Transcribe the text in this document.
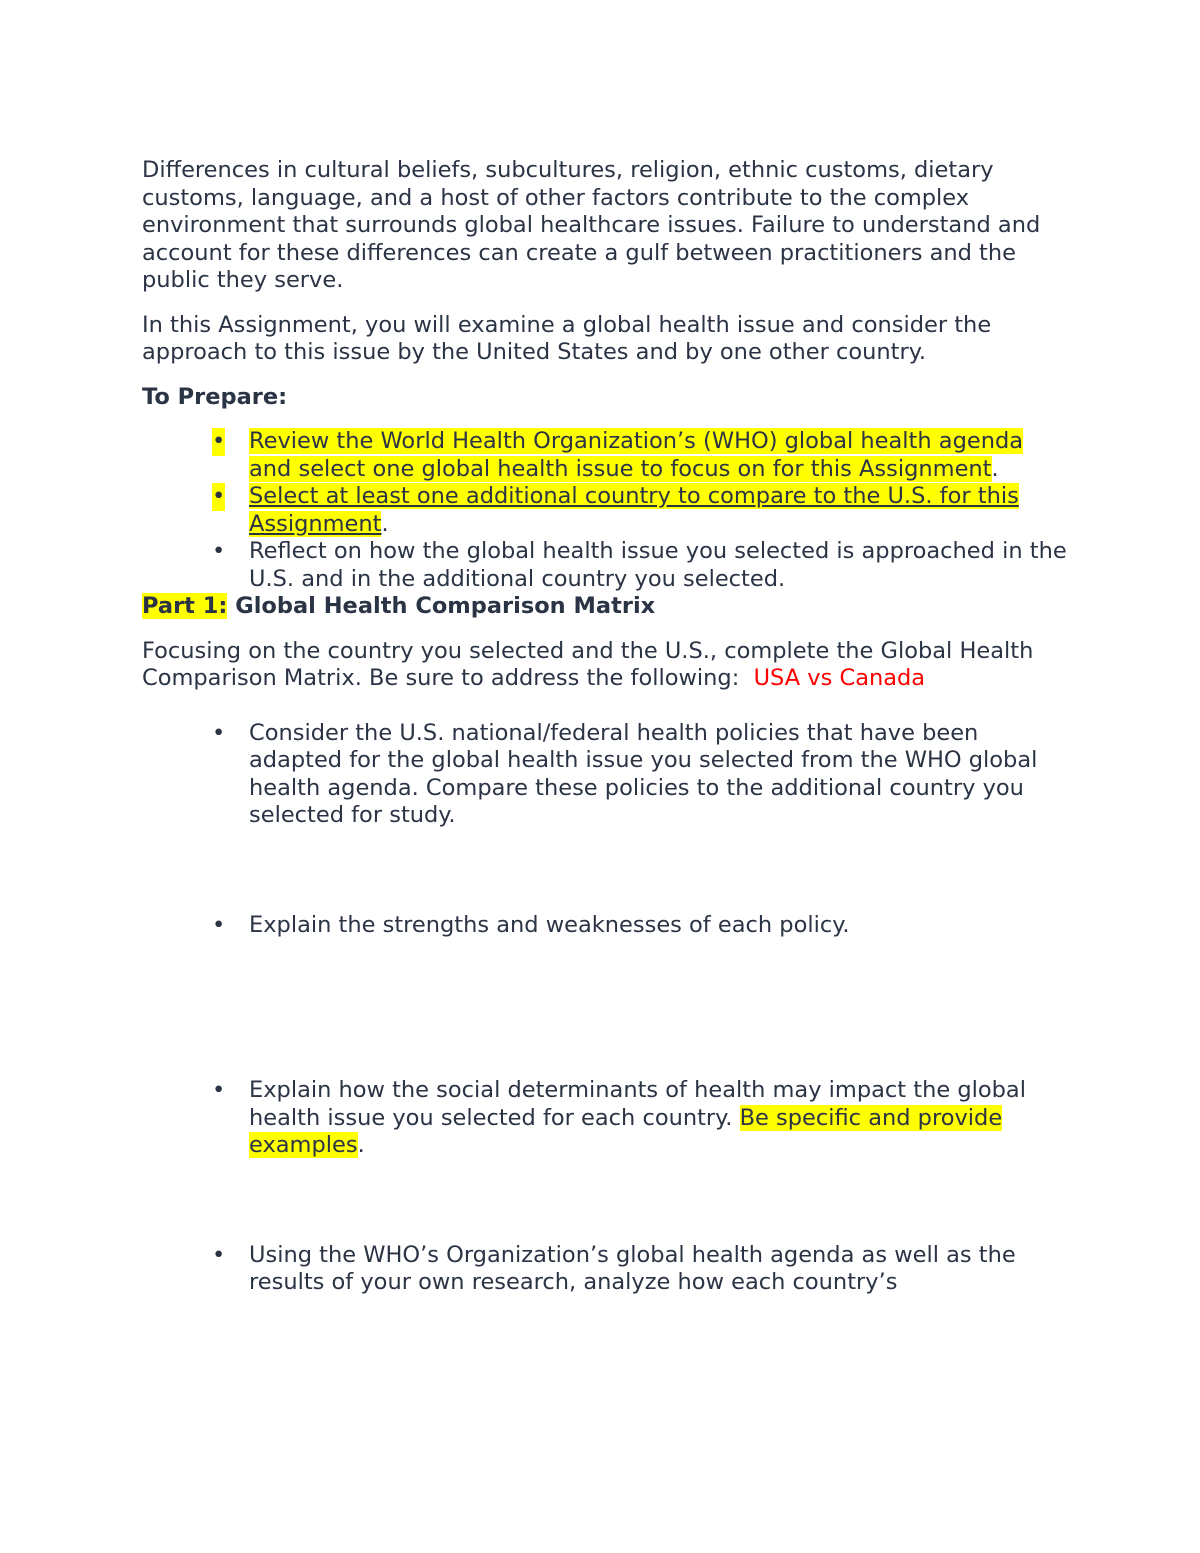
Differences in cultural beliefs, subcultures, religion, ethnic customs, dietary customs, language, and a host of other factors contribute to the complex environment that surrounds global healthcare issues. Failure to understand and account for these differences can create a gulf between practitioners and the public they serve.

In this Assignment, you will examine a global health issue and consider the approach to this issue by the United States and by one other country.

To Prepare:

• Review the World Health Organization’s (WHO) global health agenda and select one global health issue to focus on for this Assignment.
• Select at least one additional country to compare to the U.S. for this Assignment.
• Reflect on how the global health issue you selected is approached in the U.S. and in the additional country you selected.

Part 1: Global Health Comparison Matrix

Focusing on the country you selected and the U.S., complete the Global Health Comparison Matrix. Be sure to address the following:  USA vs Canada

• Consider the U.S. national/federal health policies that have been adapted for the global health issue you selected from the WHO global health agenda. Compare these policies to the additional country you selected for study.
• Explain the strengths and weaknesses of each policy.
• Explain how the social determinants of health may impact the global health issue you selected for each country. Be specific and provide examples.
• Using the WHO’s Organization’s global health agenda as well as the results of your own research, analyze how each country’s
